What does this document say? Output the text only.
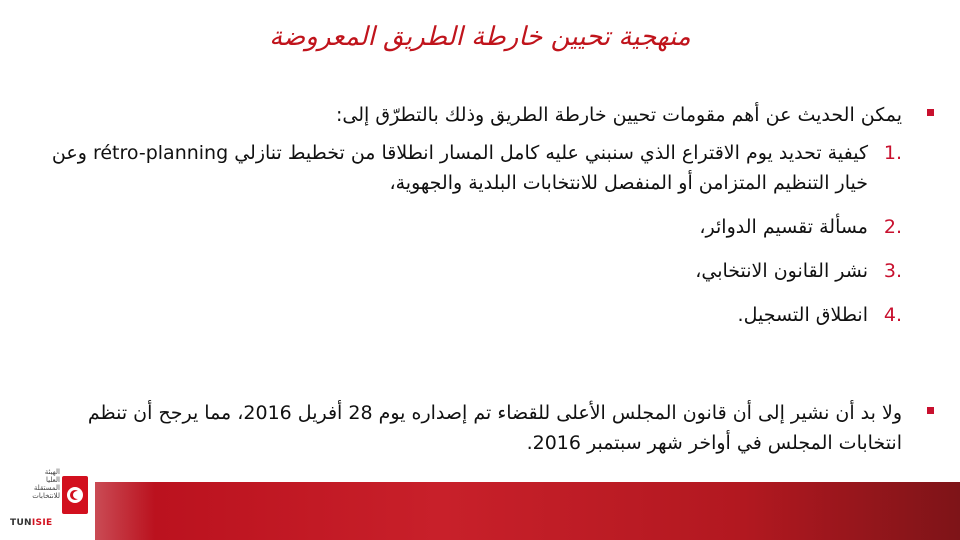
منهجية تحيين خارطة الطريق المعروضة
يمكن الحديث عن أهم مقومات تحيين خارطة الطريق وذلك بالتطرّق إلى:
1.
كيفية تحديد يوم الاقتراع الذي سنبني عليه كامل المسار انطلاقا من تخطيط تنازلي rétro-planning وعن خيار التنظيم المتزامن أو المنفصل للانتخابات البلدية والجهوية،
2.
مسألة تقسيم الدوائر،
3.
نشر القانون الانتخابي،
4.
انطلاق التسجيل.
ولا بد أن نشير إلى أن قانون المجلس الأعلى للقضاء تم إصداره يوم 28 أفريل 2016، مما يرجح أن تنظم انتخابات المجلس في أواخر شهر سبتمبر 2016.
الهيئة
العليا
المستقلة
للانتخابات
TUNISIE
